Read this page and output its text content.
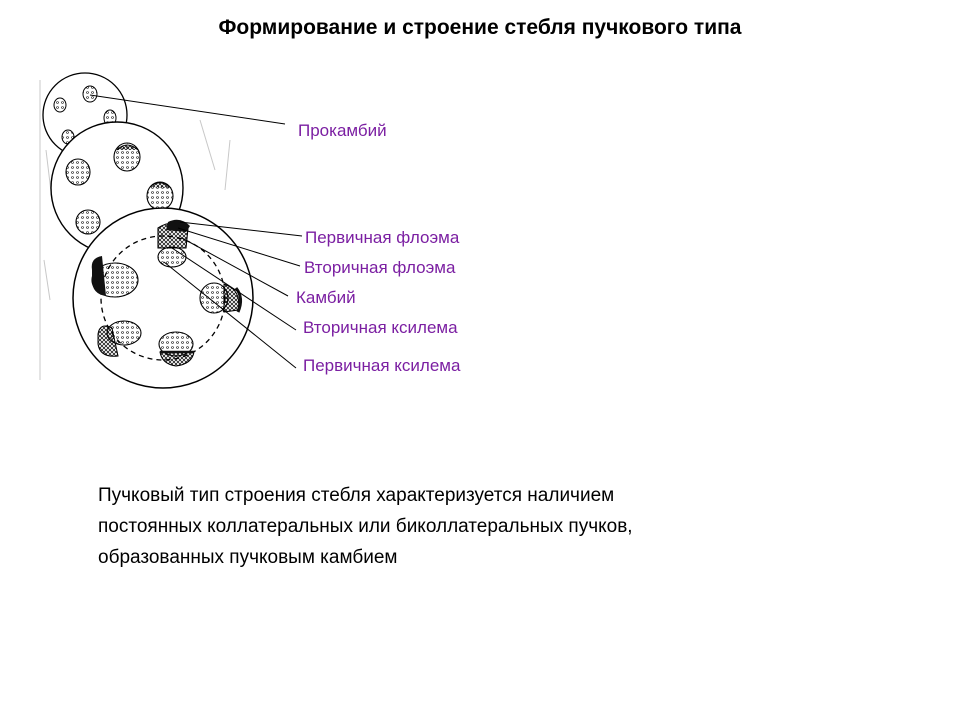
Формирование и строение стебля пучкового типа
Прокамбий
Первичная флоэма
Вторичная флоэма
Камбий
Вторичная ксилема
Первичная ксилема
Пучковый тип строения стебля характеризуется наличием
постоянных коллатеральных или биколлатеральных пучков,
образованных пучковым камбием
